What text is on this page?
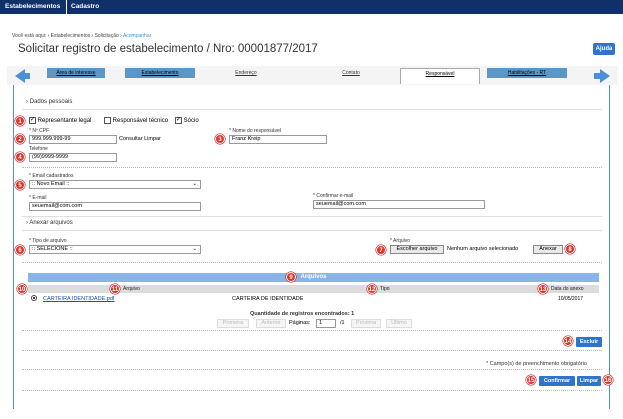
Estabelecimentos Cadastro
Você está aqui: › Estabelecimentos › Solicitação › Acompanhar
Solicitar registro de estabelecimento / Nro: 00001877/2017	Ajuda
Área de interesse	Estabelecimento	Endereço	Contato	Responsável	Habilitações - RT
› Dados pessoais
1	✓ Representante legal	Responsável técnico ✓ Sócio
* Nº CPF
2	999.999.999-99	Consultar Limpar
* Nome do responsável
3	Franz Kreip
Telefone
4	(99)9999-9999
* Email cadastrados
5	:: Novo Email ::	⌄
* E-mail
seuemail@com.com
* Confirmar e-mail
seuemail@com.com
› Anexar arquivos
* Tipo de arquivo
6	:: SELECIONE ::	⌄
* Arquivo
7	Escolher arquivo	Nenhum arquivo selecionado	Anexar	8
Arquivos
9
Arquivo	Tipo	Data do anexo
10	11	12	13
CARTEIRA IDENTIDADE.pdf	CARTEIRA DE IDENTIDADE	10/05/2017
Quantidade de registros encontrados: 1
Primeira	Anterior	Páginas:	1	/1	Próxima	Último
14	Excluir
* Campo(s) de preenchimento obrigatório
15	Confirmar	Limpar	16
